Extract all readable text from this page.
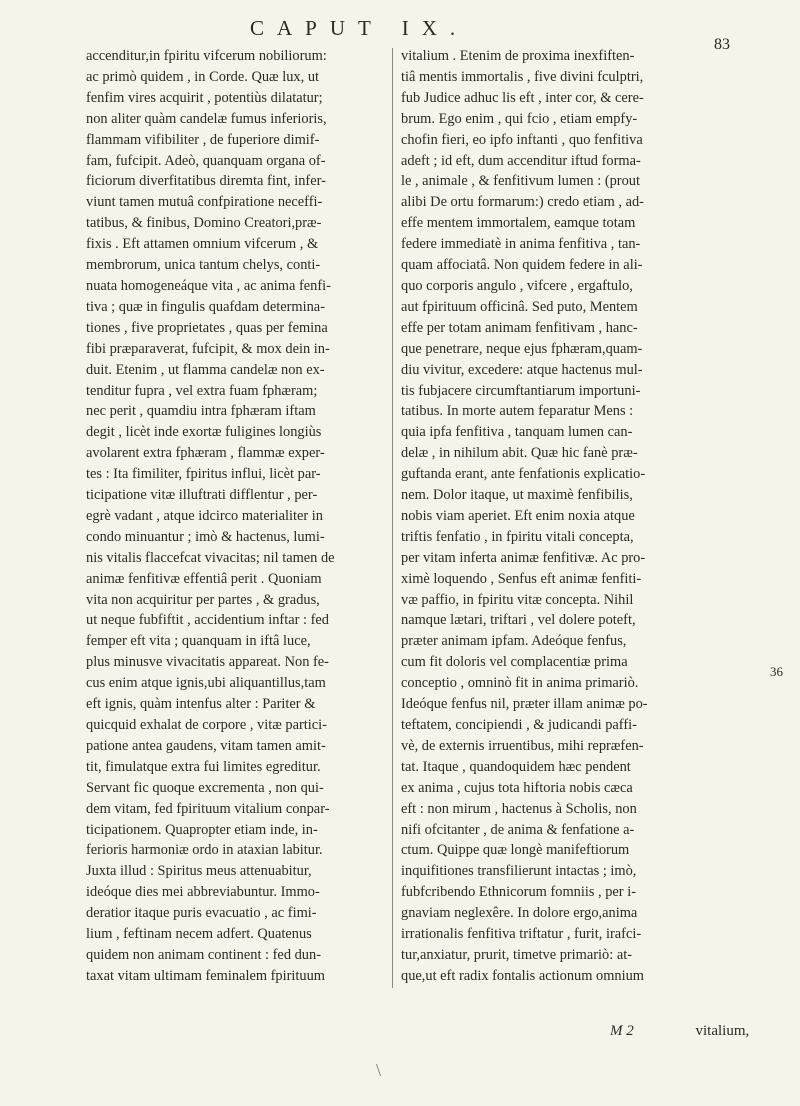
CAPUT IX.
83
accenditur,in fpiritu vifcerum nobiliorum:
ac primò quidem , in Corde. Quæ lux, ut
fenfim vires acquirit , potentiùs dilatatur;
non aliter quàm candelæ fumus inferioris,
flammam vifibiliter , de fuperiore dimif-
fam, fufcipit. Adeò, quanquam organa of-
ficiorum diverfitatibus diremta fint, infer-
viunt tamen mutuâ confpiratione neceffi-
tatibus, & finibus, Domino Creatori,præ-
fixis . Eft attamen omnium vifcerum , &
membrorum, unica tantum chelys, conti-
nuata homogeneáque vita , ac anima fenfi-
tiva ; quæ in fingulis quafdam determina-
tiones , five proprietates , quas per femina
fibi præparaverat, fufcipit, & mox dein in-
duit. Etenim , ut flamma candelæ non ex-
tenditur fupra , vel extra fuam fphæram;
nec perit , quamdiu intra fphæram iftam
degit , licèt inde exortæ fuligines longiùs
avolarent extra fphæram , flammæ exper-
tes : Ita fimiliter, fpiritus influi, licèt par-
ticipatione vitæ illuftrati difflentur , per-
egrè vadant , atque idcirco materialiter in
condo minuantur ; imò & hactenus, lumi-
nis vitalis flaccefcat vivacitas; nil tamen de
animæ fenfitivæ effentiâ perit . Quoniam
vita non acquiritur per partes , & gradus,
ut neque fubfiftit , accidentium inftar : fed
femper eft vita ; quanquam in iftâ luce,
plus minusve vivacitatis appareat. Non fe-
cus enim atque ignis,ubi aliquantillus,tam
eft ignis, quàm intenfus alter : Pariter &
quicquid exhalat de corpore , vitæ partici-
patione antea gaudens, vitam tamen amit-
tit, fimulatque extra fui limites egreditur.
Servant fic quoque excrementa , non qui-
dem vitam, fed fpirituum vitalium conpar-
ticipationem. Quapropter etiam inde, in-
ferioris harmoniæ ordo in ataxian labitur.
Juxta illud : Spiritus meus attenuabitur,
ideóque dies mei abbreviabuntur. Immo-
deratior itaque puris evacuatio , ac fimi-
lium , feftinam necem adfert. Quatenus
quidem non animam continent : fed dun-
taxat vitam ultimam feminalem fpirituum
vitalium . Etenim de proxima inexfiften-
tiâ mentis immortalis , five divini fculptri,
fub Judice adhuc lis eft , inter cor, & cere-
brum. Ego enim , qui fcio , etiam empfy-
chofin fieri, eo ipfo inftanti , quo fenfitiva
adeft ; id eft, dum accenditur iftud forma-
le , animale , & fenfitivum lumen : (prout
alibi De ortu formarum:) credo etiam , ad-
effe mentem immortalem, eamque totam
federe immediatè in anima fenfitiva , tan-
quam affociatâ. Non quidem federe in ali-
quo corporis angulo , vifcere , ergaftulo,
aut fpirituum officinâ. Sed puto, Mentem
effe per totam animam fenfitivam , hanc-
que penetrare, neque ejus fphæram,quam-
diu vivitur, excedere: atque hactenus mul-
tis fubjacere circumftantiarum importuni-
tatibus. In morte autem feparatur Mens :
quia ipfa fenfitiva , tanquam lumen can-
delæ , in nihilum abit. Quæ hic fanè præ-
guftanda erant, ante fenfationis explicatio-
nem. Dolor itaque, ut maximè fenfibilis,
nobis viam aperiet. Eft enim noxia atque
triftis fenfatio , in fpiritu vitali concepta,
per vitam inferta animæ fenfitivæ. Ac pro-
ximè loquendo , Senfus eft animæ fenfiti-
væ paffio, in fpiritu vitæ concepta. Nihil
namque lætari, triftari , vel dolere poteft,
præter animam ipfam. Adeóque fenfus,
cum fit doloris vel complacentiæ prima
conceptio , omninò fit in anima primariò.
Ideóque fenfus nil, præter illam animæ po-
teftatem, concipiendi , & judicandi paffi-
vè, de externis irruentibus, mihi repræfen-
tat. Itaque , quandoquidem hæc pendent
ex anima , cujus tota hiftoria nobis cæca
eft : non mirum , hactenus à Scholis, non
nifi ofcitanter , de anima & fenfatione a-
ctum. Quippe quæ longè manifeftiorum
inquifitiones transfilierunt intactas ; imò,
fubfcribendo Ethnicorum fomniis , per i-
gnaviam neglexêre. In dolore ergo,anima
irrationalis fenfitiva triftatur , furit, irafci-
tur,anxiatur, prurit, timetve primariò: at-
que,ut eft radix fontalis actionum omnium
36
M 2	vitalium,
\
